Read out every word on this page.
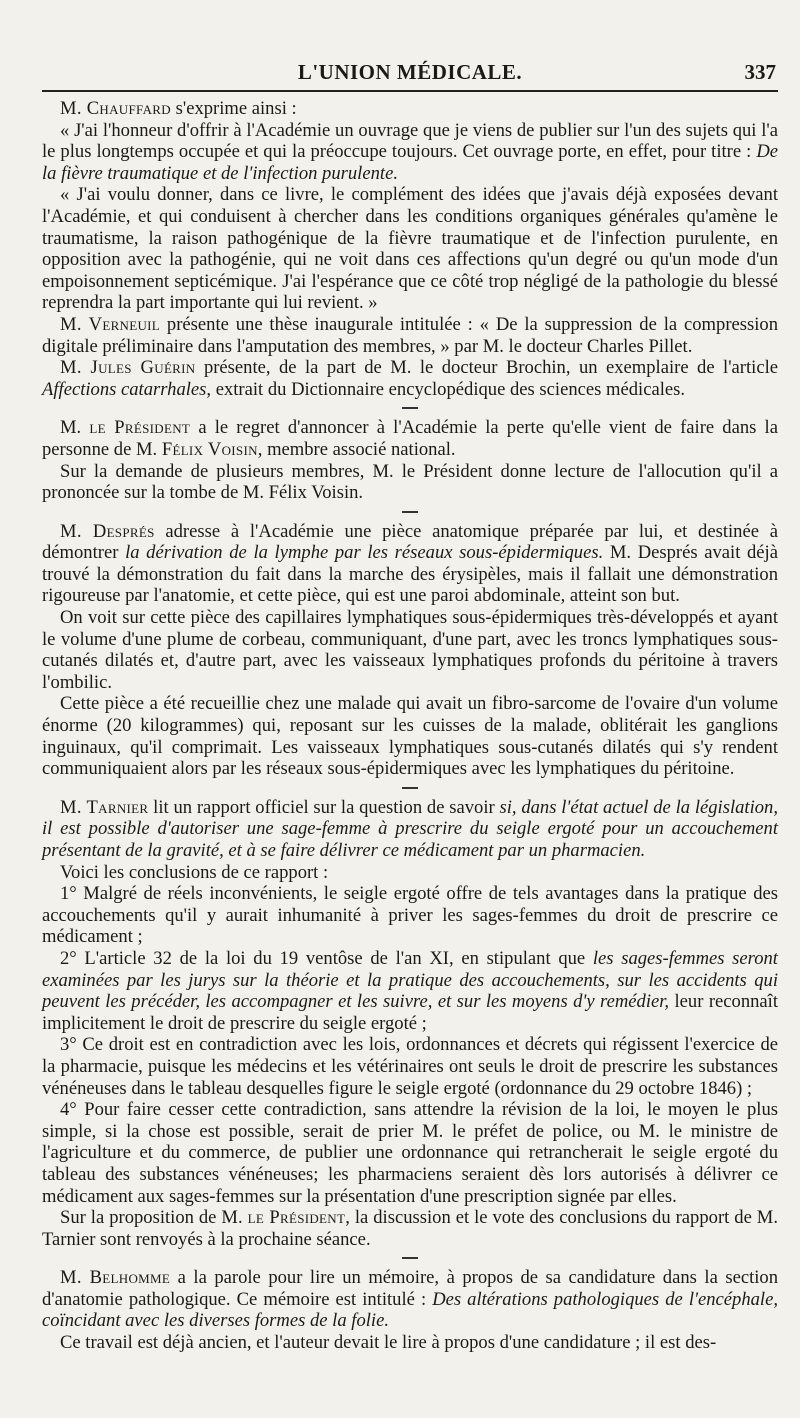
L'UNION MÉDICALE.	337

M. Chauffard s'exprime ainsi :

« J'ai l'honneur d'offrir à l'Académie un ouvrage que je viens de publier sur l'un des sujets qui l'a le plus longtemps occupée et qui la préoccupe toujours. Cet ouvrage porte, en effet, pour titre : De la fièvre traumatique et de l'infection purulente.

« J'ai voulu donner, dans ce livre, le complément des idées que j'avais déjà exposées devant l'Académie, et qui conduisent à chercher dans les conditions organiques générales qu'amène le traumatisme, la raison pathogénique de la fièvre traumatique et de l'infection purulente, en opposition avec la pathogénie, qui ne voit dans ces affections qu'un degré ou qu'un mode d'un empoisonnement septicémique. J'ai l'espérance que ce côté trop négligé de la pathologie du blessé reprendra la part importante qui lui revient. »

M. Verneuil présente une thèse inaugurale intitulée : « De la suppression de la compression digitale préliminaire dans l'amputation des membres, » par M. le docteur Charles Pillet.

M. Jules Guérin présente, de la part de M. le docteur Brochin, un exemplaire de l'article Affections catarrhales, extrait du Dictionnaire encyclopédique des sciences médicales.

M. le Président a le regret d'annoncer à l'Académie la perte qu'elle vient de faire dans la personne de M. Félix Voisin, membre associé national.

Sur la demande de plusieurs membres, M. le Président donne lecture de l'allocution qu'il a prononcée sur la tombe de M. Félix Voisin.

M. Després adresse à l'Académie une pièce anatomique préparée par lui, et destinée à démontrer la dérivation de la lymphe par les réseaux sous-épidermiques. M. Després avait déjà trouvé la démonstration du fait dans la marche des érysipèles, mais il fallait une démonstration rigoureuse par l'anatomie, et cette pièce, qui est une paroi abdominale, atteint son but.

On voit sur cette pièce des capillaires lymphatiques sous-épidermiques très-développés et ayant le volume d'une plume de corbeau, communiquant, d'une part, avec les troncs lymphatiques sous-cutanés dilatés et, d'autre part, avec les vaisseaux lymphatiques profonds du péritoine à travers l'ombilic.

Cette pièce a été recueillie chez une malade qui avait un fibro-sarcome de l'ovaire d'un volume énorme (20 kilogrammes) qui, reposant sur les cuisses de la malade, oblitérait les ganglions inguinaux, qu'il comprimait. Les vaisseaux lymphatiques sous-cutanés dilatés qui s'y rendent communiquaient alors par les réseaux sous-épidermiques avec les lymphatiques du péritoine.

M. Tarnier lit un rapport officiel sur la question de savoir si, dans l'état actuel de la législation, il est possible d'autoriser une sage-femme à prescrire du seigle ergoté pour un accouchement présentant de la gravité, et à se faire délivrer ce médicament par un pharmacien.

Voici les conclusions de ce rapport :

1° Malgré de réels inconvénients, le seigle ergoté offre de tels avantages dans la pratique des accouchements qu'il y aurait inhumanité à priver les sages-femmes du droit de prescrire ce médicament ;

2° L'article 32 de la loi du 19 ventôse de l'an XI, en stipulant que les sages-femmes seront examinées par les jurys sur la théorie et la pratique des accouchements, sur les accidents qui peuvent les précéder, les accompagner et les suivre, et sur les moyens d'y remédier, leur reconnaît implicitement le droit de prescrire du seigle ergoté ;

3° Ce droit est en contradiction avec les lois, ordonnances et décrets qui régissent l'exercice de la pharmacie, puisque les médecins et les vétérinaires ont seuls le droit de prescrire les substances vénéneuses dans le tableau desquelles figure le seigle ergoté (ordonnance du 29 octobre 1846) ;

4° Pour faire cesser cette contradiction, sans attendre la révision de la loi, le moyen le plus simple, si la chose est possible, serait de prier M. le préfet de police, ou M. le ministre de l'agriculture et du commerce, de publier une ordonnance qui retrancherait le seigle ergoté du tableau des substances vénéneuses; les pharmaciens seraient dès lors autorisés à délivrer ce médicament aux sages-femmes sur la présentation d'une prescription signée par elles.

Sur la proposition de M. le Président, la discussion et le vote des conclusions du rapport de M. Tarnier sont renvoyés à la prochaine séance.

M. Belhomme a la parole pour lire un mémoire, à propos de sa candidature dans la section d'anatomie pathologique. Ce mémoire est intitulé : Des altérations pathologiques de l'encéphale, coïncidant avec les diverses formes de la folie.

Ce travail est déjà ancien, et l'auteur devait le lire à propos d'une candidature ; il est des-
